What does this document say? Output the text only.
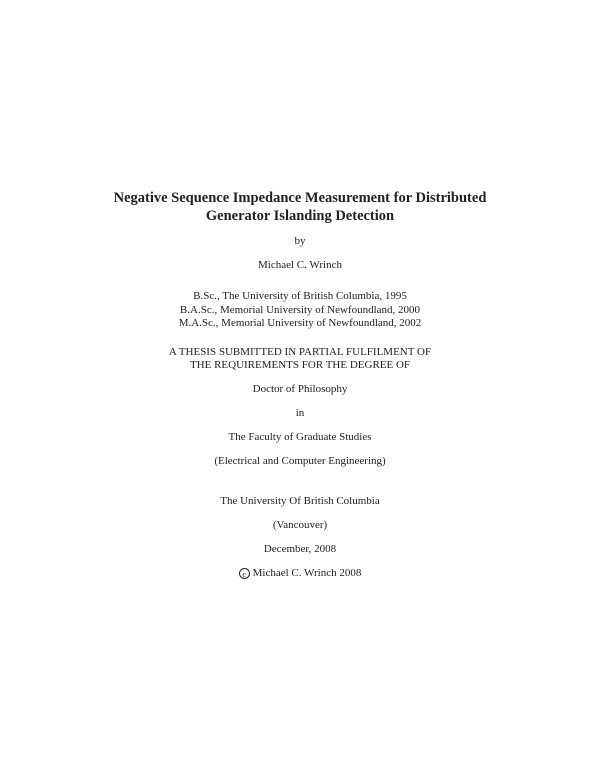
Negative Sequence Impedance Measurement for Distributed
Generator Islanding Detection
by
Michael C. Wrinch
B.Sc., The University of British Columbia, 1995
B.A.Sc., Memorial University of Newfoundland, 2000
M.A.Sc., Memorial University of Newfoundland, 2002
A THESIS SUBMITTED IN PARTIAL FULFILMENT OF
THE REQUIREMENTS FOR THE DEGREE OF
Doctor of Philosophy
in
The Faculty of Graduate Studies
(Electrical and Computer Engineering)
The University Of British Columbia
(Vancouver)
December, 2008
c Michael C. Wrinch 2008
